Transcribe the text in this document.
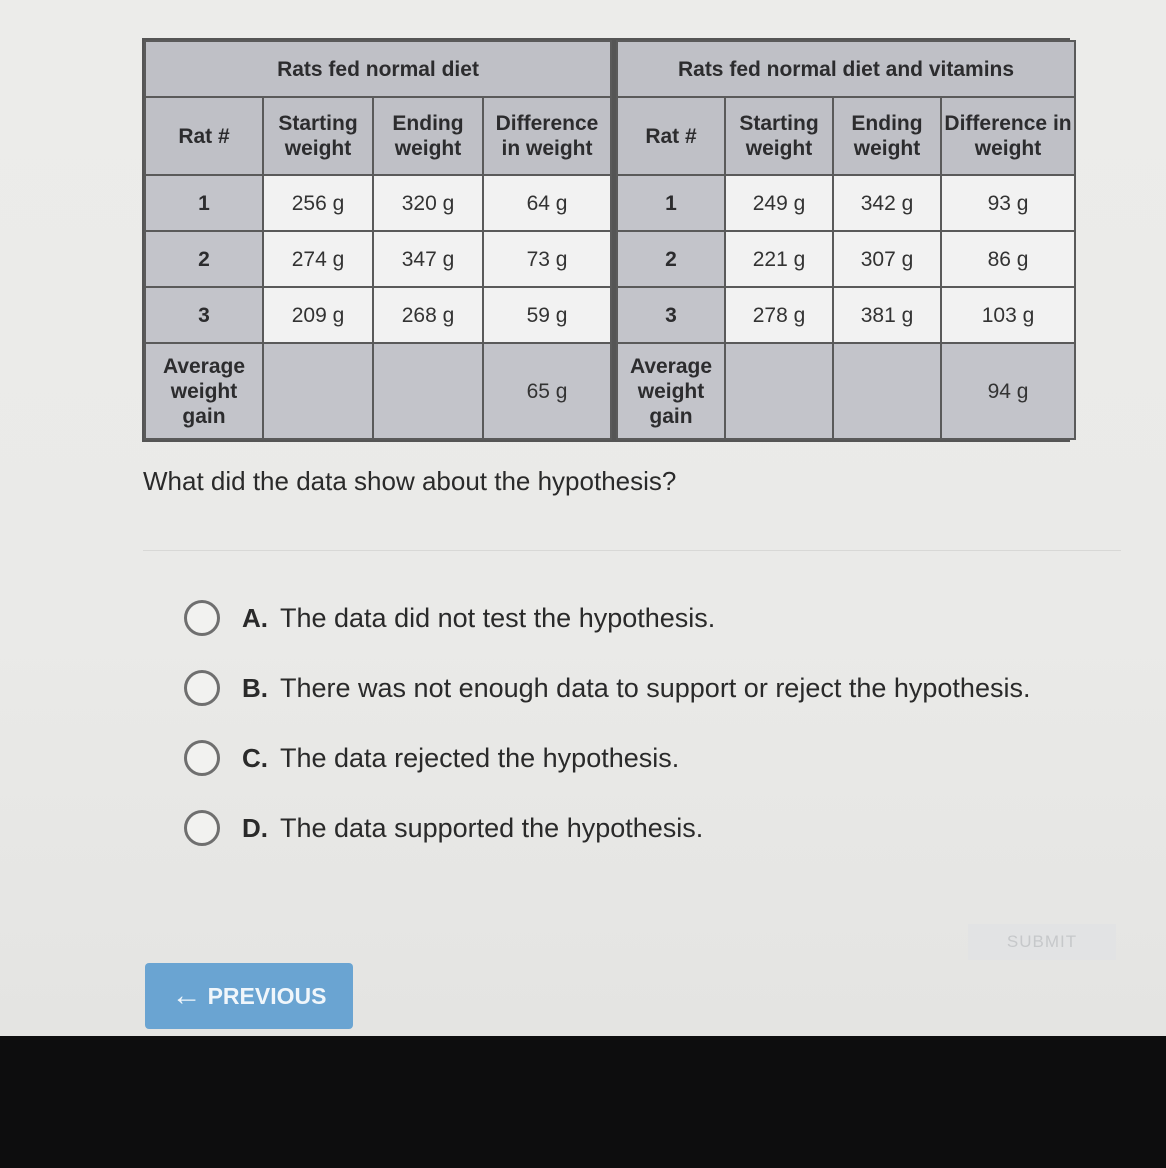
Rats fed normal diet			
Rat #	Starting weight	Ending weight	Difference in weight
1	256 g	320 g	64 g
2	274 g	347 g	73 g
3	209 g	268 g	59 g
Average weight gain			65 g
Rats fed normal diet and vitamins			
Rat #	Starting weight	Ending weight	Difference in weight
1	249 g	342 g	93 g
2	221 g	307 g	86 g
3	278 g	381 g	103 g
Average weight gain			94 g
What did the data show about the hypothesis?
A. The data did not test the hypothesis.
B. There was not enough data to support or reject the hypothesis.
C. The data rejected the hypothesis.
D. The data supported the hypothesis.
SUBMIT
← PREVIOUS
